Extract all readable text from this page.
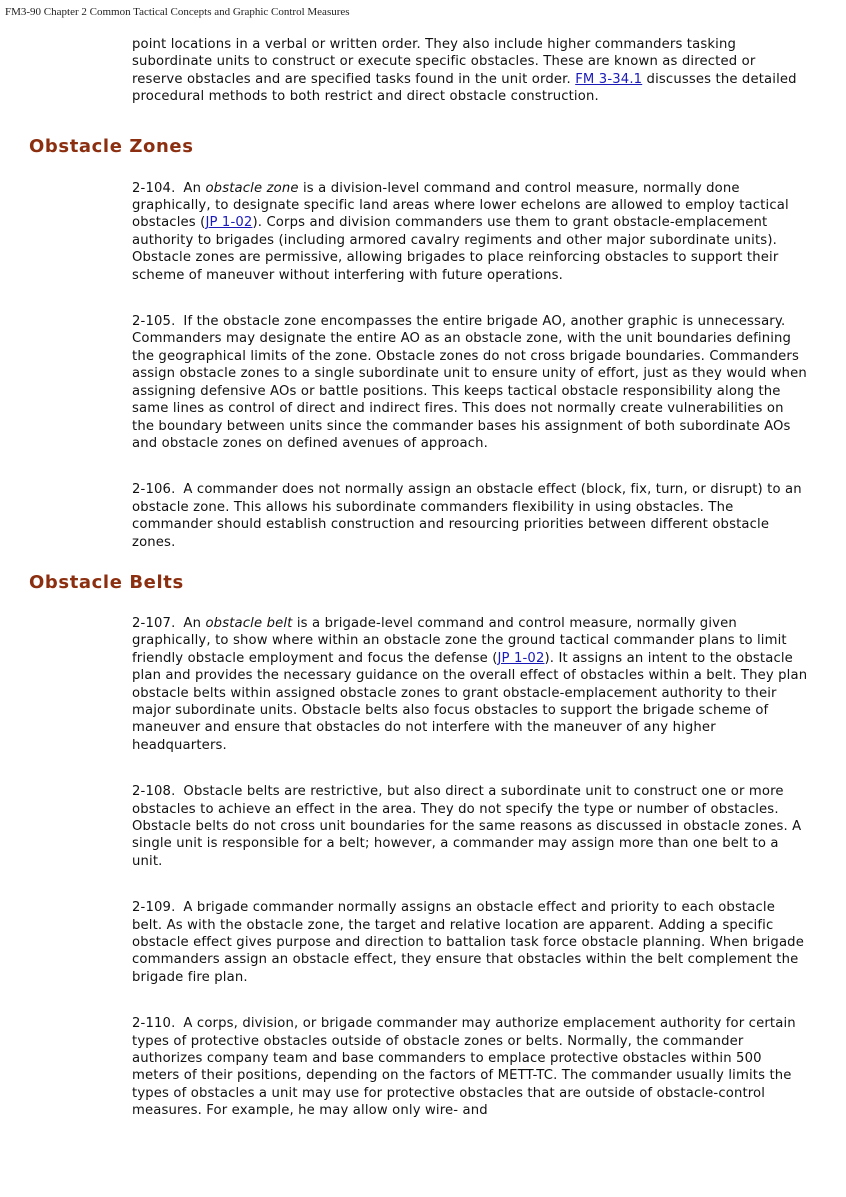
FM3-90 Chapter 2 Common Tactical Concepts and Graphic Control Measures

point locations in a verbal or written order. They also include higher commanders tasking subordinate units to construct or execute specific obstacles. These are known as directed or reserve obstacles and are specified tasks found in the unit order. FM 3-34.1 discusses the detailed procedural methods to both restrict and direct obstacle construction.

Obstacle Zones

2-104. An obstacle zone is a division-level command and control measure, normally done graphically, to designate specific land areas where lower echelons are allowed to employ tactical obstacles (JP 1-02). Corps and division commanders use them to grant obstacle-emplacement authority to brigades (including armored cavalry regiments and other major subordinate units). Obstacle zones are permissive, allowing brigades to place reinforcing obstacles to support their scheme of maneuver without interfering with future operations.

2-105. If the obstacle zone encompasses the entire brigade AO, another graphic is unnecessary. Commanders may designate the entire AO as an obstacle zone, with the unit boundaries defining the geographical limits of the zone. Obstacle zones do not cross brigade boundaries. Commanders assign obstacle zones to a single subordinate unit to ensure unity of effort, just as they would when assigning defensive AOs or battle positions. This keeps tactical obstacle responsibility along the same lines as control of direct and indirect fires. This does not normally create vulnerabilities on the boundary between units since the commander bases his assignment of both subordinate AOs and obstacle zones on defined avenues of approach.

2-106. A commander does not normally assign an obstacle effect (block, fix, turn, or disrupt) to an obstacle zone. This allows his subordinate commanders flexibility in using obstacles. The commander should establish construction and resourcing priorities between different obstacle zones.

Obstacle Belts

2-107. An obstacle belt is a brigade-level command and control measure, normally given graphically, to show where within an obstacle zone the ground tactical commander plans to limit friendly obstacle employment and focus the defense (JP 1-02). It assigns an intent to the obstacle plan and provides the necessary guidance on the overall effect of obstacles within a belt. They plan obstacle belts within assigned obstacle zones to grant obstacle-emplacement authority to their major subordinate units. Obstacle belts also focus obstacles to support the brigade scheme of maneuver and ensure that obstacles do not interfere with the maneuver of any higher headquarters.

2-108. Obstacle belts are restrictive, but also direct a subordinate unit to construct one or more obstacles to achieve an effect in the area. They do not specify the type or number of obstacles. Obstacle belts do not cross unit boundaries for the same reasons as discussed in obstacle zones. A single unit is responsible for a belt; however, a commander may assign more than one belt to a unit.

2-109. A brigade commander normally assigns an obstacle effect and priority to each obstacle belt. As with the obstacle zone, the target and relative location are apparent. Adding a specific obstacle effect gives purpose and direction to battalion task force obstacle planning. When brigade commanders assign an obstacle effect, they ensure that obstacles within the belt complement the brigade fire plan.

2-110. A corps, division, or brigade commander may authorize emplacement authority for certain types of protective obstacles outside of obstacle zones or belts. Normally, the commander authorizes company team and base commanders to emplace protective obstacles within 500 meters of their positions, depending on the factors of METT-TC. The commander usually limits the types of obstacles a unit may use for protective obstacles that are outside of obstacle-control measures. For example, he may allow only wire- and
